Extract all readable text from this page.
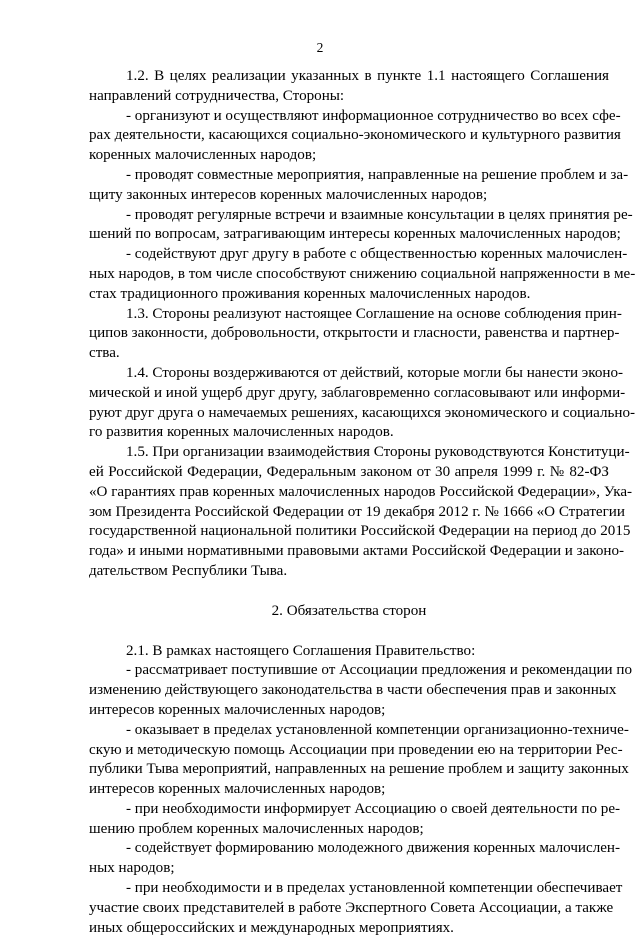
2
1.2. В целях реализации указанных в пункте 1.1 настоящего Соглашения
направлений сотрудничества, Стороны:
- организуют и осуществляют информационное сотрудничество во всех сфе-
рах деятельности, касающихся социально-экономического и культурного развития
коренных малочисленных народов;
- проводят совместные мероприятия, направленные на решение проблем и за-
щиту законных интересов коренных малочисленных народов;
- проводят регулярные встречи и взаимные консультации в целях принятия ре-
шений по вопросам, затрагивающим интересы коренных малочисленных народов;
- содействуют друг другу в работе с общественностью коренных малочислен-
ных народов, в том числе способствуют снижению социальной напряженности в ме-
стах традиционного проживания коренных малочисленных народов.
1.3. Стороны реализуют настоящее Соглашение на основе соблюдения прин-
ципов законности, добровольности, открытости и гласности, равенства и партнер-
ства.
1.4. Стороны воздерживаются от действий, которые могли бы нанести эконо-
мической и иной ущерб друг другу, заблаговременно согласовывают или информи-
руют друг друга о намечаемых решениях, касающихся экономического и социально-
го развития коренных малочисленных народов.
1.5. При организации взаимодействия Стороны руководствуются Конституци-
ей Российской Федерации, Федеральным законом от 30 апреля 1999 г. № 82-ФЗ
«О гарантиях прав коренных малочисленных народов Российской Федерации», Ука-
зом Президента Российской Федерации от 19 декабря 2012 г. № 1666 «О Стратегии
государственной национальной политики Российской Федерации на период до 2015
года» и иными нормативными правовыми актами Российской Федерации и законо-
дательством Республики Тыва.
2. Обязательства сторон
2.1. В рамках настоящего Соглашения Правительство:
- рассматривает поступившие от Ассоциации предложения и рекомендации по
изменению действующего законодательства в части обеспечения прав и законных
интересов коренных малочисленных народов;
- оказывает в пределах установленной компетенции организационно-техниче-
скую и методическую помощь Ассоциации при проведении ею на территории Рес-
публики Тыва мероприятий, направленных на решение проблем и защиту законных
интересов коренных малочисленных народов;
- при необходимости информирует Ассоциацию о своей деятельности по ре-
шению проблем коренных малочисленных народов;
- содействует формированию молодежного движения коренных малочислен-
ных народов;
- при необходимости и в пределах установленной компетенции обеспечивает
участие своих представителей в работе Экспертного Совета Ассоциации, а также
иных общероссийских и международных мероприятиях.
